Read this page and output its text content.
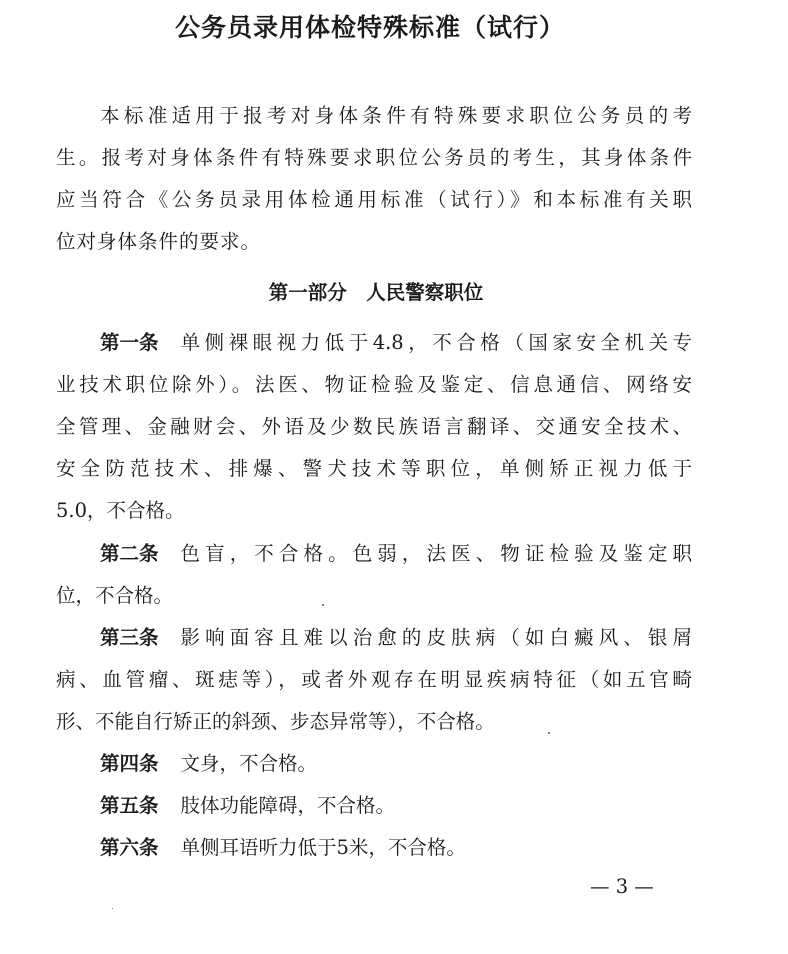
公务员录用体检特殊标准（试行）
本标准适用于报考对身体条件有特殊要求职位公务员的考
生。报考对身体条件有特殊要求职位公务员的考生，其身体条件
应当符合《公务员录用体检通用标准（试行）》和本标准有关职
位对身体条件的要求。
第一部分　人民警察职位
第一条 单侧裸眼视力低于4.8，不合格（国家安全机关专
业技术职位除外）。法医、物证检验及鉴定、信息通信、网络安
全管理、金融财会、外语及少数民族语言翻译、交通安全技术、
安全防范技术、排爆、警犬技术等职位，单侧矫正视力低于
5.0，不合格。
第二条 色盲，不合格。色弱，法医、物证检验及鉴定职
位，不合格。
第三条 影响面容且难以治愈的皮肤病（如白癜风、银屑
病、血管瘤、斑痣等），或者外观存在明显疾病特征（如五官畸
形、不能自行矫正的斜颈、步态异常等），不合格。
第四条 文身，不合格。
第五条 肢体功能障碍，不合格。
第六条 单侧耳语听力低于5米，不合格。
— 3 —
